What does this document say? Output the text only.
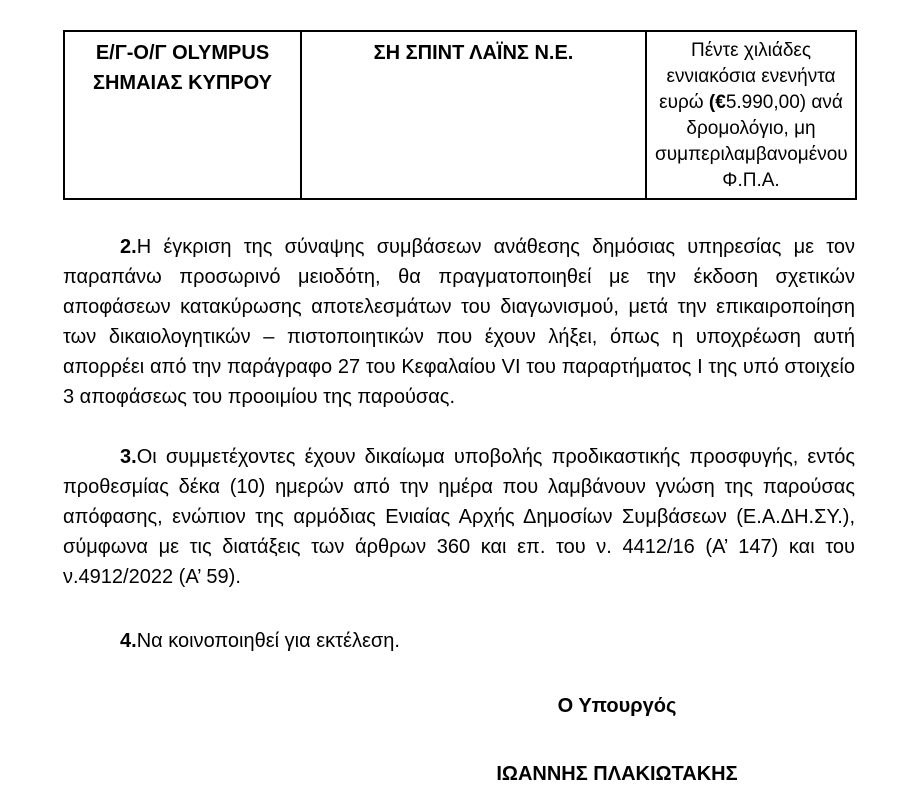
Ε/Γ-Ο/Γ OLYMPUS ΣΗΜΑΙΑΣ ΚΥΠΡΟΥ	ΣΗ ΣΠΙΝΤ ΛΑΪΝΣ Ν.Ε.	Πέντε χιλιάδες εννιακόσια ενενήντα ευρώ (€5.990,00) ανά δρομολόγιο, μη συμπεριλαμβανομένου Φ.Π.Α.

2.Η έγκριση της σύναψης συμβάσεων ανάθεσης δημόσιας υπηρεσίας με τον παραπάνω προσωρινό μειοδότη, θα πραγματοποιηθεί με την έκδοση σχετικών αποφάσεων κατακύρωσης αποτελεσμάτων του διαγωνισμού, μετά την επικαιροποίηση των δικαιολογητικών – πιστοποιητικών που έχουν λήξει, όπως η υποχρέωση αυτή απορρέει από την παράγραφο 27 του Κεφαλαίου VI του παραρτήματος I της υπό στοιχείο 3 αποφάσεως του προοιμίου της παρούσας.

3.Οι συμμετέχοντες έχουν δικαίωμα υποβολής προδικαστικής προσφυγής, εντός προθεσμίας δέκα (10) ημερών από την ημέρα που λαμβάνουν γνώση της παρούσας απόφασης, ενώπιον της αρμόδιας Ενιαίας Αρχής Δημοσίων Συμβάσεων (Ε.Α.ΔΗ.ΣΥ.), σύμφωνα με τις διατάξεις των άρθρων 360 και επ. του ν. 4412/16 (Α’ 147) και του ν.4912/2022 (Α’ 59).

4.Να κοινοποιηθεί για εκτέλεση.

Ο Υπουργός
ΙΩΑΝΝΗΣ ΠΛΑΚΙΩΤΑΚΗΣ
